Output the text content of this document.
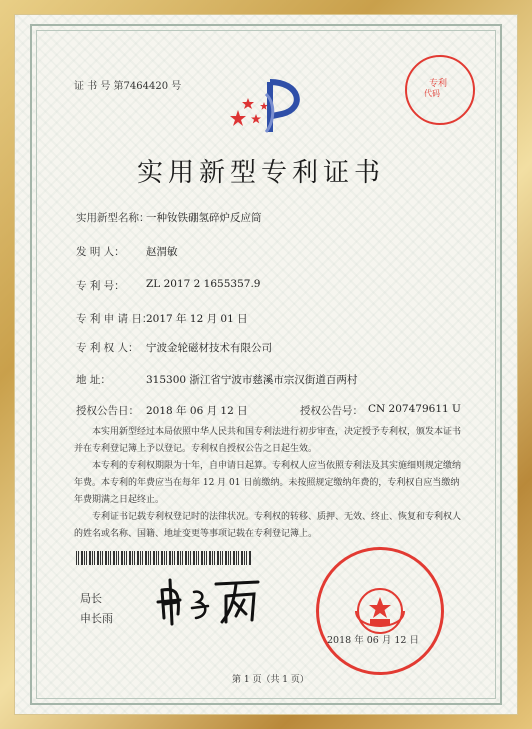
证 书 号 第7464420 号	专利
代码
实用新型专利证书
实用新型名称：
一种钕铁硼氢碎炉反应筒
发 明 人： 赵渭敏
专 利 号： ZL 2017 2 1655357.9
专 利 申 请 日：
2017 年 12 月 01 日
专 利 权 人： 宁波金轮磁材技术有限公司
地 址：	315300 浙江省宁波市慈溪市宗汉街道百两村
授权公告日： 2018 年 06 月 12 日	授权公告号： CN 207479611 U
本实用新型经过本局依照中华人民共和国专利法进行初步审查，决定授予专利权，颁发本证书并在专利登记簿上予以登记。专利权自授权公告之日起生效。
本专利的专利权期限为十年，自申请日起算。专利权人应当依照专利法及其实施细则规定缴纳年费。本专利的年费应当在每年 12 月 01 日前缴纳。未按照规定缴纳年费的，专利权自应当缴纳年费期满之日起终止。
专利证书记载专利权登记时的法律状况。专利权的转移、质押、无效、终止、恢复和专利权人的姓名或名称、国籍、地址变更等事项记载在专利登记簿上。
局长
申长雨
2018 年 06 月 12 日
第 1 页（共 1 页）
